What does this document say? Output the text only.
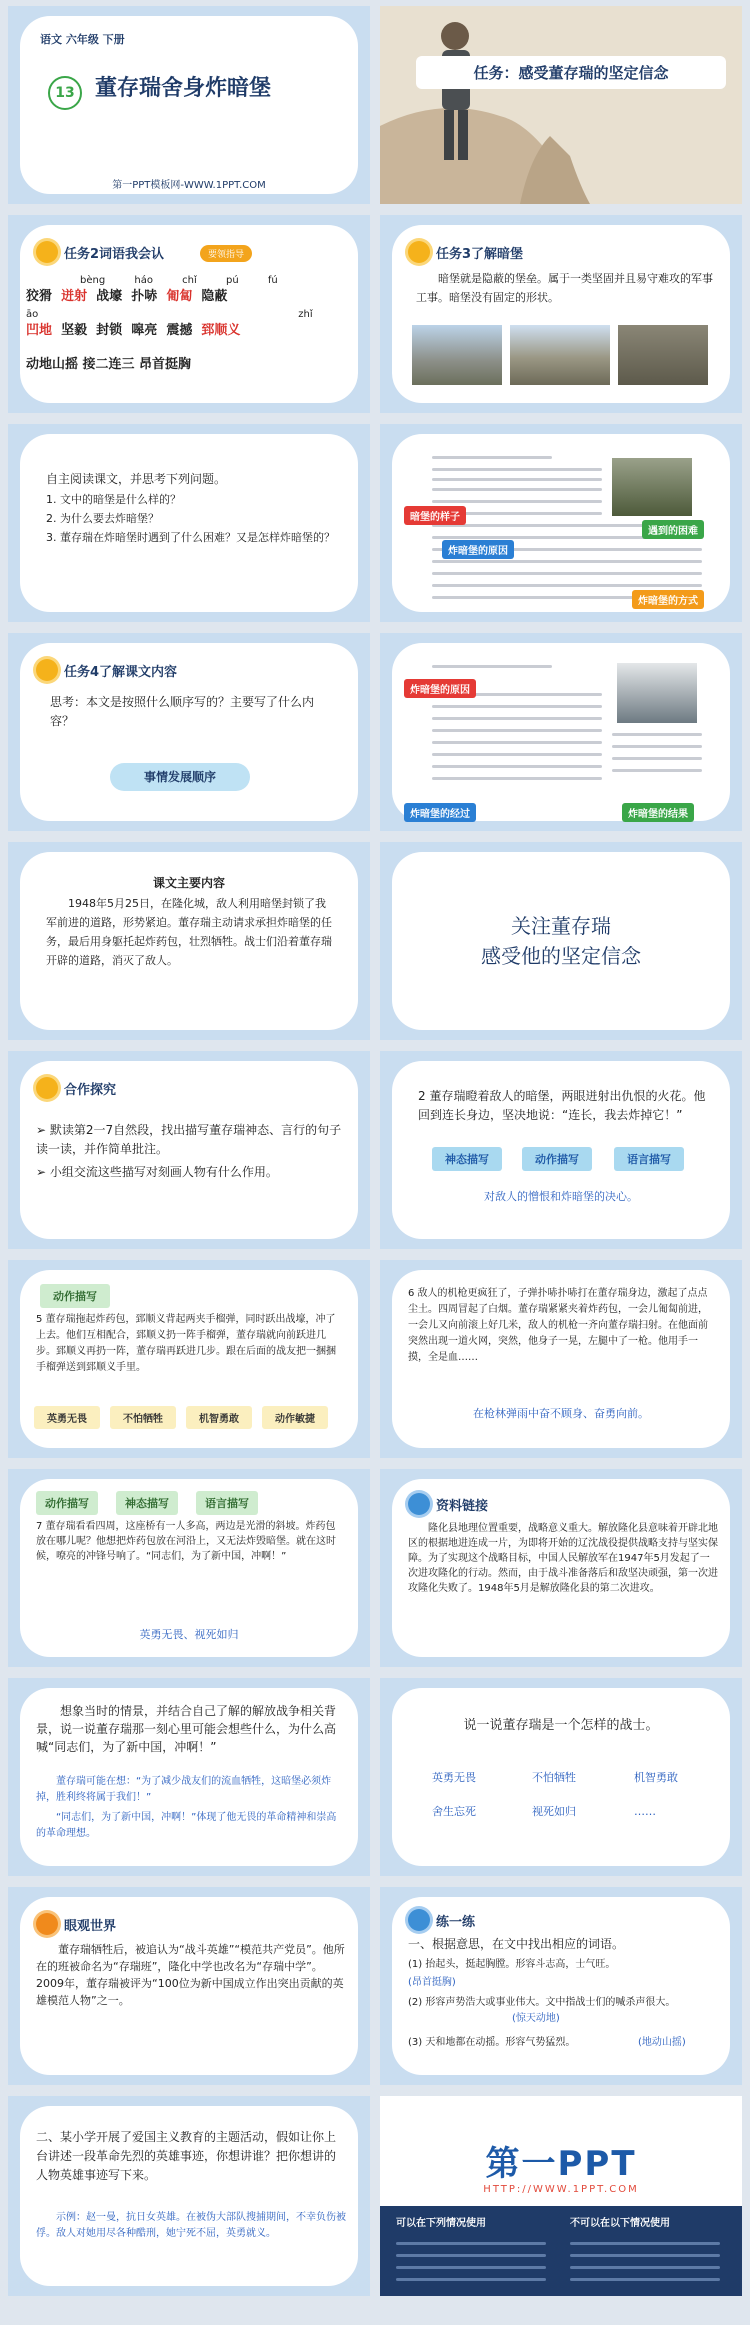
语文 六年级 下册
13 董存瑞舍身炸暗堡
第一PPT模板网-WWW.1PPT.COM
任务：感受董存瑞的坚定信念
任务2词语我会认	要领指导
bèng	háo	chǐ	pú fú
狡猾 迸射 战壕 扑哧 匍匐 隐蔽
āo	zhǐ
凹地 坚毅 封锁 嗥亮 震撼 郅顺义
动地山摇 接二连三 昂首挺胸
任务3了解暗堡
暗堡就是隐蔽的堡垒。属于一类坚固并且易守难攻的军事工事。暗堡没有固定的形状。
自主阅读课文，并思考下列问题。
1. 文中的暗堡是什么样的？
2. 为什么要去炸暗堡？
3. 董存瑞在炸暗堡时遇到了什么困难？又是怎样炸暗堡的？
暗堡的样子
遇到的困难
炸暗堡的原因
炸暗堡的方式
任务4了解课文内容
思考：本文是按照什么顺序写的？主要写了什么内容？
事情发展顺序
炸暗堡的原因
炸暗堡的经过	炸暗堡的结果
课文主要内容
1948年5月25日，在隆化城，敌人利用暗堡封锁了我军前进的道路，形势紧迫。董存瑞主动请求承担炸暗堡的任务，最后用身躯托起炸药包，壮烈牺牲。战士们沿着董存瑞开辟的道路，消灭了敌人。
关注董存瑞
感受他的坚定信念
合作探究
➢ 默读第2一7自然段，找出描写董存瑞神态、言行的句子读一读，并作简单批注。
➢ 小组交流这些描写对刻画人物有什么作用。
2 董存瑞瞪着敌人的暗堡，两眼迸射出仇恨的火花。他回到连长身边，坚决地说：“连长，我去炸掉它！”
神态描写	动作描写	语言描写
对敌人的憎恨和炸暗堡的决心。
动作描写
5 董存瑞拖起炸药包，郅顺义背起两夹手榴弹，同时跃出战壕，冲了上去。他们互相配合，郅顺义扔一阵手榴弹，董存瑞就向前跃进几步。郅顺义再扔一阵，董存瑞再跃进几步。跟在后面的战友把一捆捆手榴弹送到郅顺义手里。
英勇无畏	不怕牺牲	机智勇敢	动作敏捷
6 敌人的机枪更疯狂了，子弹扑哧扑哧打在董存瑞身边，激起了点点尘土。四周冒起了白烟。董存瑞紧紧夹着炸药包，一会儿匍匐前进，一会儿又向前滚上好几米，敌人的机枪一齐向董存瑞扫射。在他面前突然出现一道火网，突然，他身子一晃，左腿中了一枪。他用手一摸，全是血……
在枪林弹雨中奋不顾身、奋勇向前。
动作描写	神态描写	语言描写
7 董存瑞看看四周，这座桥有一人多高，两边是光滑的斜坡。炸药包放在哪儿呢？他想把炸药包放在河沿上，又无法炸毁暗堡。就在这时候，嘹亮的冲锋号响了。“同志们，为了新中国，冲啊！”
英勇无畏、视死如归
资料链接
隆化县地理位置重要，战略意义重大。解放隆化县意味着开辟北地区的根据地进连成一片，为即将开始的辽沈战役提供战略支持与坚实保障。为了实现这个战略目标，中国人民解放军在1947年5月发起了一次进攻隆化的行动。然而，由于战斗准备落后和敌坚决顽强，第一次进攻隆化失败了。1948年5月是解放隆化县的第二次进攻。
想象当时的情景，并结合自己了解的解放战争相关背景，说一说董存瑞那一刻心里可能会想些什么，为什么高喊“同志们，为了新中国，冲啊！”
董存瑞可能在想：“为了减少战友们的流血牺牲，这暗堡必须炸掉，胜利终将属于我们！”
“同志们，为了新中国，冲啊！”体现了他无畏的革命精神和崇高的革命理想。
说一说董存瑞是一个怎样的战士。
英勇无畏	不怕牺牲	机智勇敢
舍生忘死	视死如归	……
眼观世界
董存瑞牺牲后，被追认为“战斗英雄”“模范共产党员”。他所在的班被命名为“存瑞班”，隆化中学也改名为“存瑞中学”。2009年，董存瑞被评为“100位为新中国成立作出突出贡献的英雄模范人物”之一。
练一练
一、根据意思，在文中找出相应的词语。
(1) 抬起头，挺起胸膛。形容斗志高，士气旺。
(昂首挺胸)
(2) 形容声势浩大或事业伟大。文中指战士们的喊杀声很大。
(惊天动地)
(3) 天和地都在动摇。形容气势猛烈。	(地动山摇)
二、某小学开展了爱国主义教育的主题活动，假如让你上台讲述一段革命先烈的英雄事迹，你想讲谁？把你想讲的人物英雄事迹写下来。
示例：赵一曼，抗日女英雄。在被伪大部队搜捕期间，不幸负伤被俘。敌人对她用尽各种酷刑，她宁死不屈，英勇就义。
第一PPT
HTTP://WWW.1PPT.COM
可以在下列情况使用	不可以在以下情况使用
